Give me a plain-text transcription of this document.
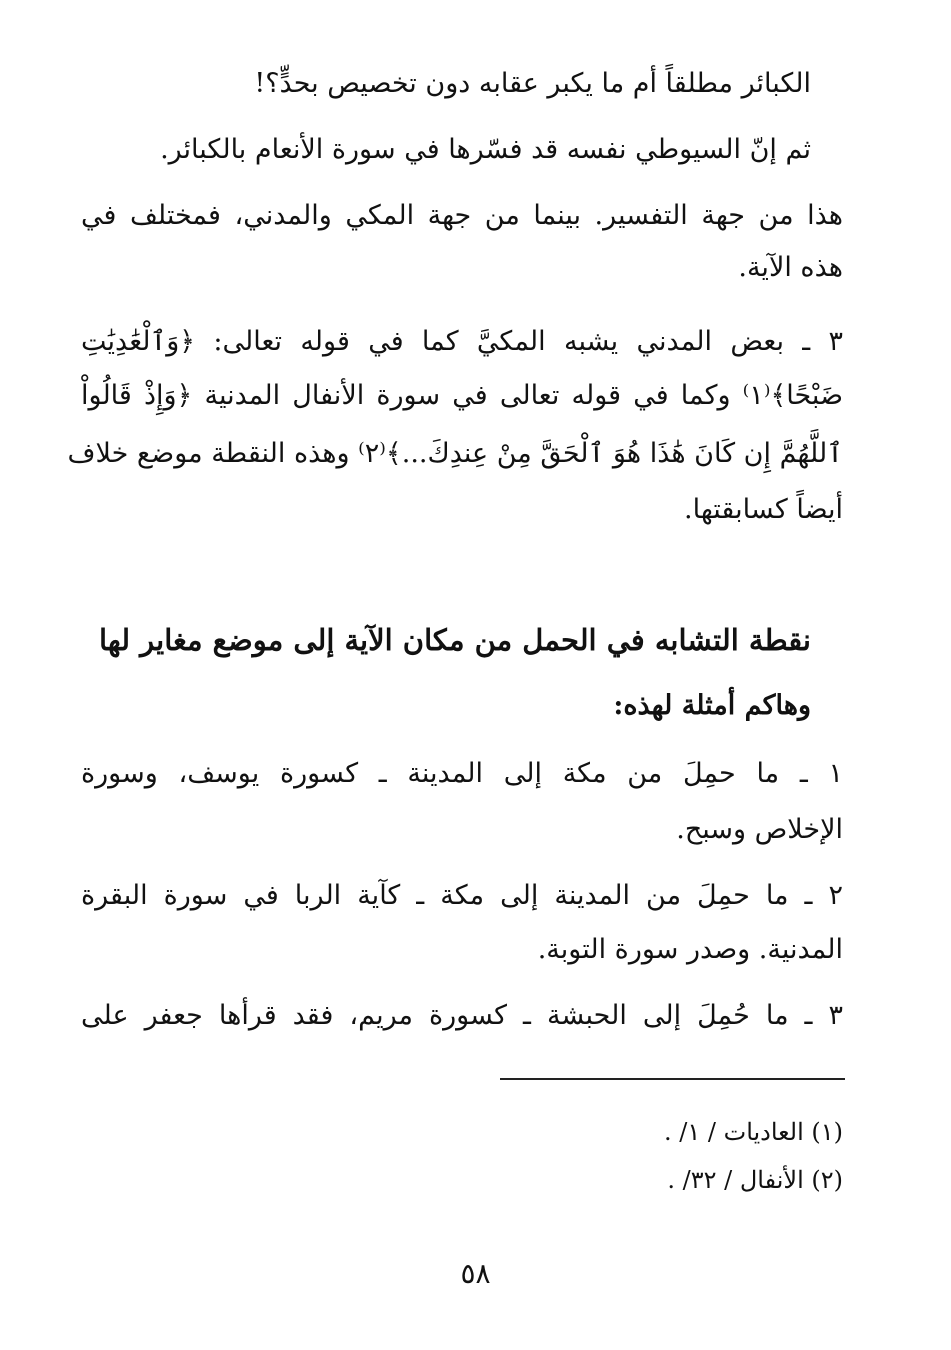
الكبائر مطلقاً أم ما يكبر عقابه دون تخصيص بحدٍّ؟!
ثم إنّ السيوطي نفسه قد فسّرها في سورة الأنعام بالكبائر.
هذا من جهة التفسير. بينما من جهة المكي والمدني، فمختلف في
هذه الآية.
٣ ـ بعض المدني يشبه المكيَّ كما في قوله تعالى: ﴿وَٱلْعَٰدِيَٰتِ
ضَبْحًا﴾⁽١⁾ وكما في قوله تعالى في سورة الأنفال المدنية ﴿وَإِذْ قَالُواْ
ٱللَّهُمَّ إِن كَانَ هَٰذَا هُوَ ٱلْحَقَّ مِنْ عِندِكَ...﴾⁽٢⁾ وهذه النقطة موضع خلاف
أيضاً كسابقتها.
نقطة التشابه في الحمل من مكان الآية إلى موضع مغاير لها
وهاكم أمثلة لهذه:
١ ـ ما حمِلَ من مكة إلى المدينة ـ كسورة يوسف، وسورة
الإخلاص وسبح.
٢ ـ ما حمِلَ من المدينة إلى مكة ـ كآية الربا في سورة البقرة
المدنية. وصدر سورة التوبة.
٣ ـ ما حُمِلَ إلى الحبشة ـ كسورة مريم، فقد قرأها جعفر على
(١) العاديات / ١/ .
(٢) الأنفال / ٣٢/ .
٥٨
